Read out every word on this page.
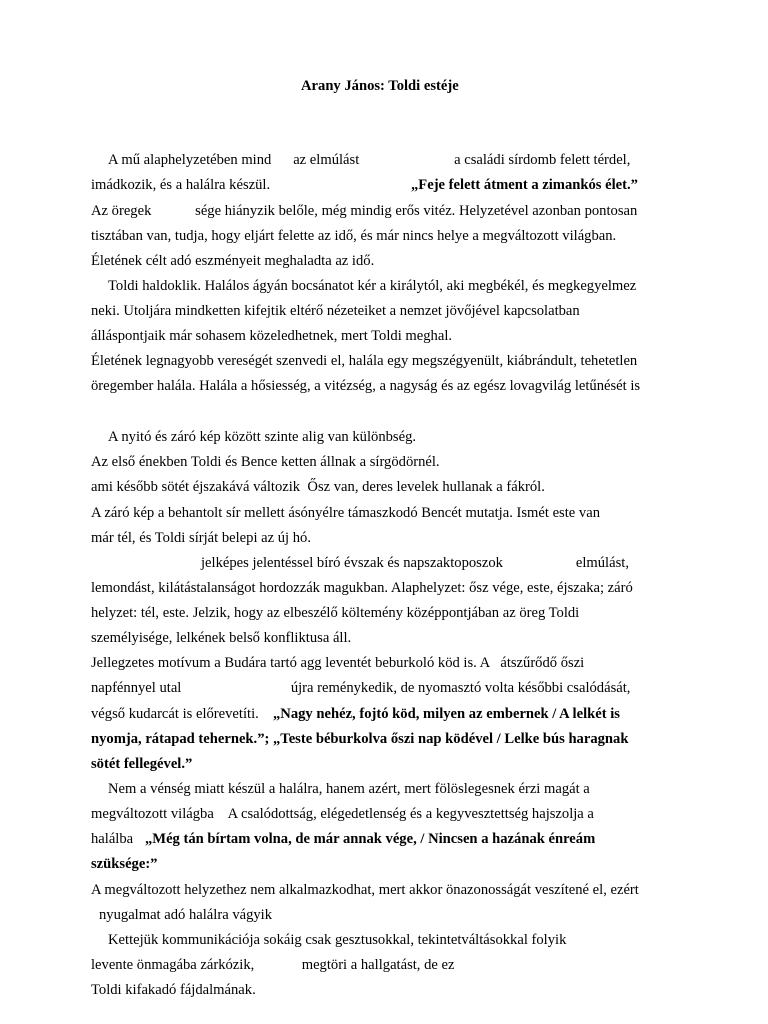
Arany János: Toldi estéje
A mű alaphelyzetében mind      az elmúlást                          a családi sírdomb felett térdel,
imádkozik, és a halálra készül.	„Feje felett átment a zimankós élet.”
Az öregek            sége hiányzik belőle, még mindig erős vitéz. Helyzetével azonban pontosan
tisztában van, tudja, hogy eljárt felette az idő, és már nincs helye a megváltozott világban.
Életének célt adó eszményeit meghaladta az idő.
Toldi haldoklik. Halálos ágyán bocsánatot kér a királytól, aki megbékél, és megkegyelmez
neki. Utoljára mindketten kifejtik eltérő nézeteiket a nemzet jövőjével kapcsolatban
álláspontjaik már sohasem közeledhetnek, mert Toldi meghal.
Életének legnagyobb vereségét szenvedi el, halála egy megszégyenült, kiábrándult, tehetetlen
öregember halála. Halála a hősiesség, a vitézség, a nagyság és az egész lovagvilág letűnését is
A nyitó és záró kép között szinte alig van különbség.
Az első énekben Toldi és Bence ketten állnak a sírgödörnél.
ami később sötét éjszakává változik  Ősz van, deres levelek hullanak a fákról.
A záró kép a behantolt sír mellett ásónyélre támaszkodó Bencét mutatja. Ismét este van
már tél, és Toldi sírját belepi az új hó.
jelképes jelentéssel bíró évszak és napszaktoposzok                    elmúlást,
lemondást, kilátástalanságot hordozzák magukban. Alaphelyzet: ősz vége, este, éjszaka; záró
helyzet: tél, este. Jelzik, hogy az elbeszélő költemény középpontjában az öreg Toldi
személyisége, lelkének belső konfliktusa áll.
Jellegzetes motívum a Budára tartó agg leventét beburkoló köd is. A   átszűrődő őszi
napfénnyel utal                              újra reménykedik, de nyomasztó volta későbbi csalódását,
végső kudarcát is előrevetíti. „Nagy nehéz, fojtó köd, milyen az embernek / A lelkét is
nyomja, rátapad tehernek.”; „Teste béburkolva őszi nap ködével / Lelke bús haragnak
sötét fellegével.”
Nem a vénség miatt készül a halálra, hanem azért, mert fölöslegesnek érzi magát a
megváltozott világba    A csalódottság, elégedetlenség és a kegyvesztettség hajszolja a
halálba „Még tán bírtam volna, de már annak vége, / Nincsen a hazának énreám
szüksége:”
A megváltozott helyzethez nem alkalmazkodhat, mert akkor önazonosságát veszítené el, ezért
nyugalmat adó halálra vágyik
Kettejük kommunikációja sokáig csak gesztusokkal, tekintetváltásokkal folyik
levente önmagába zárkózik,             megtöri a hallgatást, de ez
Toldi kifakadó fájdalmának.
